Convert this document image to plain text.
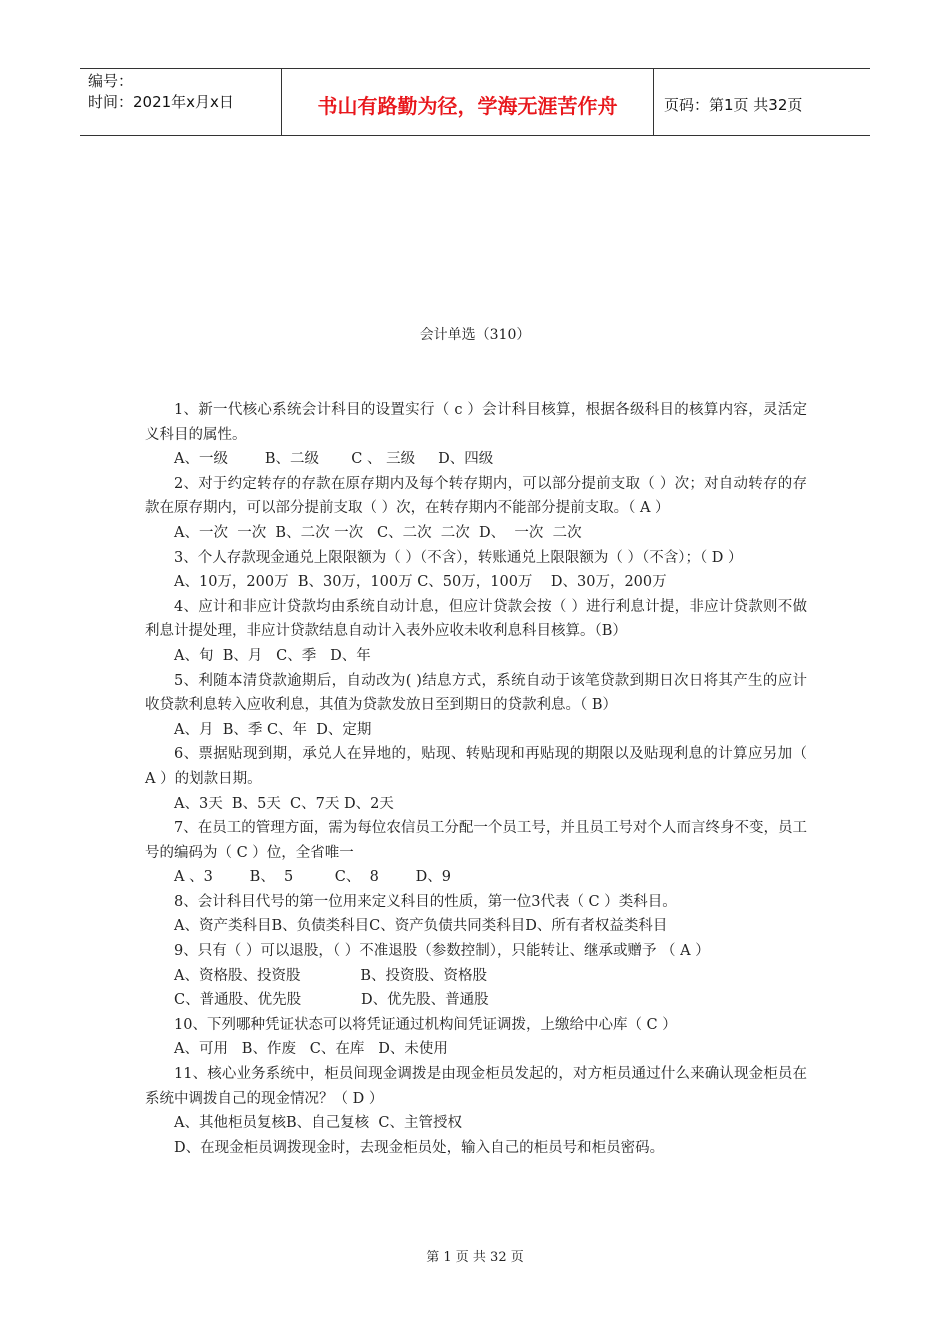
编号：
时间：2021年x月x日	书山有路勤为径，学海无涯苦作舟	页码：第1页 共32页
会计单选（310）
1、新一代核心系统会计科目的设置实行（ c ）会计科目核算，根据各级科目的核算内容，灵活定义科目的属性。
A、一级        B、二级       C 、 三级     D、四级
2、对于约定转存的存款在原存期内及每个转存期内，可以部分提前支取（ ）次；对自动转存的存款在原存期内，可以部分提前支取（ ）次，在转存期内不能部分提前支取。（ A ）
A、一次  一次  B、二次 一次   C、二次  二次  D、  一次  二次
3、个人存款现金通兑上限限额为（ ）（不含），转账通兑上限限额为（ ）（不含）；（ D ）
A、10万，200万  B、30万，100万 C、50万，100万    D、30万，200万
4、应计和非应计贷款均由系统自动计息，但应计贷款会按（ ）进行利息计提，非应计贷款则不做利息计提处理，非应计贷款结息自动计入表外应收未收利息科目核算。（B）
A、旬  B、月   C、季   D、年
5、利随本清贷款逾期后，自动改为( )结息方式，系统自动于该笔贷款到期日次日将其产生的应计收贷款利息转入应收利息，其值为贷款发放日至到期日的贷款利息。（ B）
A、月  B、季 C、年  D、定期
6、票据贴现到期，承兑人在异地的，贴现、转贴现和再贴现的期限以及贴现利息的计算应另加（ A ）的划款日期。
A、3天  B、5天  C、7天 D、2天
7、在员工的管理方面，需为每位农信员工分配一个员工号，并且员工号对个人而言终身不变，员工号的编码为（ C ）位，全省唯一
A 、3        B、  5         C、  8        D、9
8、会计科目代号的第一位用来定义科目的性质，第一位3代表（ C ）类科目。
A、资产类科目B、负债类科目C、资产负债共同类科目D、所有者权益类科目
9、只有（ ）可以退股，（ ）不准退股（参数控制），只能转让、继承或赠予 （ A ）
A、资格股、投资股             B、投资股、资格股
C、普通股、优先股             D、优先股、普通股
10、下列哪种凭证状态可以将凭证通过机构间凭证调拨，上缴给中心库（ C ）
A、可用   B、作废   C、在库   D、未使用
11、核心业务系统中，柜员间现金调拨是由现金柜员发起的，对方柜员通过什么来确认现金柜员在系统中调拨自己的现金情况？（ D ）
A、其他柜员复核B、自己复核  C、主管授权
D、在现金柜员调拨现金时，去现金柜员处，输入自己的柜员号和柜员密码。
第 1 页 共 32 页
